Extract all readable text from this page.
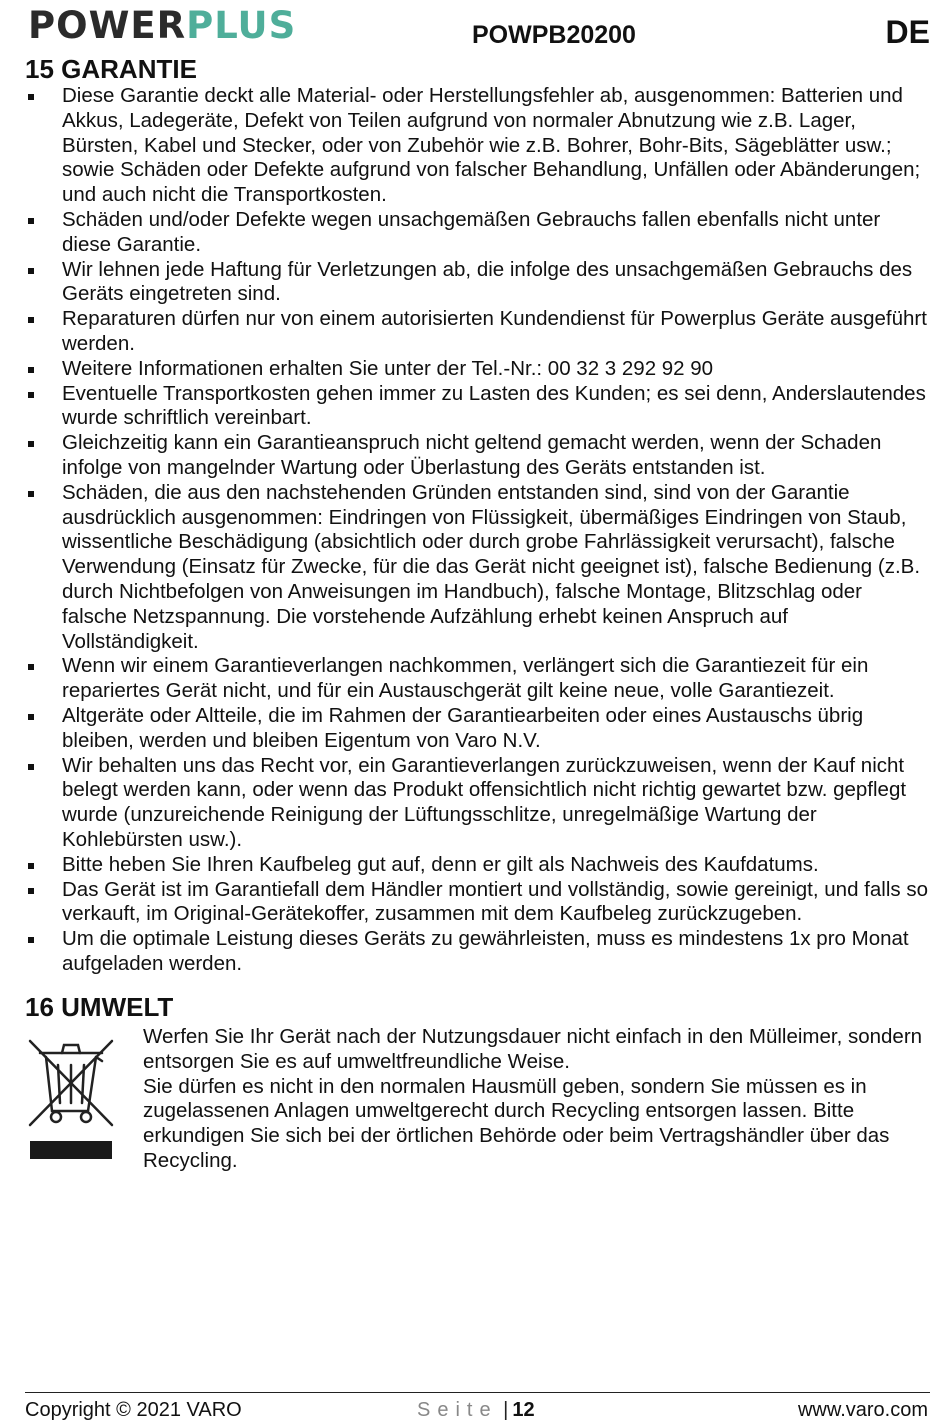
POWERPLUS	POWPB20200	DE
15 GARANTIE
Diese Garantie deckt alle Material- oder Herstellungsfehler ab, ausgenommen: Batterien und Akkus, Ladegeräte, Defekt von Teilen aufgrund von normaler Abnutzung wie z.B. Lager, Bürsten, Kabel und Stecker, oder von Zubehör wie z.B. Bohrer, Bohr-Bits, Sägeblätter usw.; sowie Schäden oder Defekte aufgrund von falscher Behandlung, Unfällen oder Abänderungen; und auch nicht die Transportkosten.
Schäden und/oder Defekte wegen unsachgemäßen Gebrauchs fallen ebenfalls nicht unter diese Garantie.
Wir lehnen jede Haftung für Verletzungen ab, die infolge des unsachgemäßen Gebrauchs des Geräts eingetreten sind.
Reparaturen dürfen nur von einem autorisierten Kundendienst für Powerplus Geräte ausgeführt werden.
Weitere Informationen erhalten Sie unter der Tel.-Nr.: 00 32 3 292 92 90
Eventuelle Transportkosten gehen immer zu Lasten des Kunden; es sei denn, Anderslautendes wurde schriftlich vereinbart.
Gleichzeitig kann ein Garantieanspruch nicht geltend gemacht werden, wenn der Schaden infolge von mangelnder Wartung oder Überlastung des Geräts entstanden ist.
Schäden, die aus den nachstehenden Gründen entstanden sind, sind von der Garantie ausdrücklich ausgenommen: Eindringen von Flüssigkeit, übermäßiges Eindringen von Staub, wissentliche Beschädigung (absichtlich oder durch grobe Fahrlässigkeit verursacht), falsche Verwendung (Einsatz für Zwecke, für die das Gerät nicht geeignet ist), falsche Bedienung (z.B. durch Nichtbefolgen von Anweisungen im Handbuch), falsche Montage, Blitzschlag oder falsche Netzspannung. Die vorstehende Aufzählung erhebt keinen Anspruch auf Vollständigkeit.
Wenn wir einem Garantieverlangen nachkommen, verlängert sich die Garantiezeit für ein repariertes Gerät nicht, und für ein Austauschgerät gilt keine neue, volle Garantiezeit.
Altgeräte oder Altteile, die im Rahmen der Garantiearbeiten oder eines Austauschs übrig bleiben, werden und bleiben Eigentum von Varo N.V.
Wir behalten uns das Recht vor, ein Garantieverlangen zurückzuweisen, wenn der Kauf nicht belegt werden kann, oder wenn das Produkt offensichtlich nicht richtig gewartet bzw. gepflegt wurde (unzureichende Reinigung der Lüftungsschlitze, unregelmäßige Wartung der Kohlebürsten usw.).
Bitte heben Sie Ihren Kaufbeleg gut auf, denn er gilt als Nachweis des Kaufdatums.
Das Gerät ist im Garantiefall dem Händler montiert und vollständig, sowie gereinigt, und falls so verkauft, im Original-Gerätekoffer, zusammen mit dem Kaufbeleg zurückzugeben.
Um die optimale Leistung dieses Geräts zu gewährleisten, muss es mindestens 1x pro Monat aufgeladen werden.
16 UMWELT

Werfen Sie Ihr Gerät nach der Nutzungsdauer nicht einfach in den Mülleimer, sondern entsorgen Sie es auf umweltfreundliche Weise.

Sie dürfen es nicht in den normalen Hausmüll geben, sondern Sie müssen es in zugelassenen Anlagen umweltgerecht durch Recycling entsorgen lassen. Bitte erkundigen Sie sich bei der örtlichen Behörde oder beim Vertragshändler über das Recycling.

Copyright © 2021 VARO	Seite | 12	www.varo.com
